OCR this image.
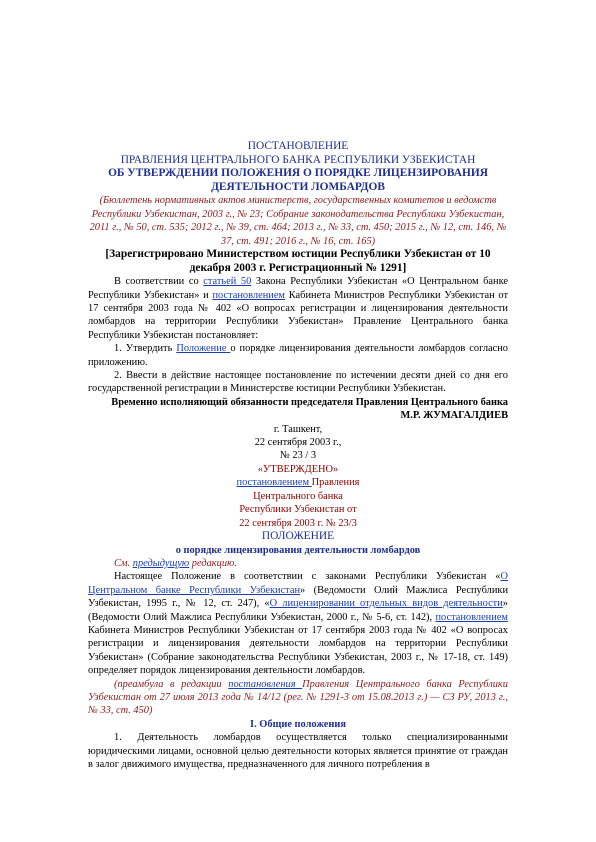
ПОСТАНОВЛЕНИЕ

ПРАВЛЕНИЯ ЦЕНТРАЛЬНОГО БАНКА РЕСПУБЛИКИ УЗБЕКИСТАН

ОБ УТВЕРЖДЕНИИ ПОЛОЖЕНИЯ О ПОРЯДКЕ ЛИЦЕНЗИРОВАНИЯ ДЕЯТЕЛЬНОСТИ ЛОМБАРДОВ

(Бюллетень нормативных актов министерств, государственных комитетов и ведомств Республики Узбекистан, 2003 г., № 23; Собрание законодательства Республики Узбекистан, 2011 г., № 50, ст. 535; 2012 г., № 39, ст. 464; 2013 г., № 33, ст. 450; 2015 г., № 12, ст. 146, № 37, ст. 491; 2016 г., № 16, ст. 165)

[Зарегистрировано Министерством юстиции Республики Узбекистан от 10 декабря 2003 г. Регистрационный № 1291]

В соответствии со статьей 50 Закона Республики Узбекистан «О Центральном банке Республики Узбекистан» и постановлением Кабинета Министров Республики Узбекистан от 17 сентября 2003 года № 402 «О вопросах регистрации и лицензирования деятельности ломбардов на территории Республики Узбекистан» Правление Центрального банка Республики Узбекистан постановляет:

1. Утвердить Положение о порядке лицензирования деятельности ломбардов согласно приложению.

2. Ввести в действие настоящее постановление по истечении десяти дней со дня его государственной регистрации в Министерстве юстиции Республики Узбекистан.

Временно исполняющий обязанности председателя Правления Центрального банка

М.Р. ЖУМАГАЛДИЕВ

г. Ташкент,

22 сентября 2003 г.,

№ 23 / 3

«УТВЕРЖДЕНО»

постановлением Правления

Центрального банка

Республики Узбекистан от

22 сентября 2003 г. № 23/3

ПОЛОЖЕНИЕ

о порядке лицензирования деятельности ломбардов

См. предыдущую редакцию.

Настоящее Положение в соответствии с законами Республики Узбекистан «О Центральном банке Республики Узбекистан» (Ведомости Олий Мажлиса Республики Узбекистан, 1995 г., № 12, ст. 247), «О лицензировании отдельных видов деятельности» (Ведомости Олий Мажлиса Республики Узбекистан, 2000 г., № 5-6, ст. 142), постановлением Кабинета Министров Республики Узбекистан от 17 сентября 2003 года № 402 «О вопросах регистрации и лицензирования деятельности ломбардов на территории Республики Узбекистан» (Собрание законодательства Республики Узбекистан, 2003 г., № 17-18, ст. 149) определяет порядок лицензирования деятельности ломбардов.

(преамбула в редакции постановления Правления Центрального банка Республики Узбекистан от 27 июля 2013 года № 14/12 (рег. № 1291-3 от 15.08.2013 г.) — СЗ РУ, 2013 г., № 33, ст. 450)

I. Общие положения

1. Деятельность ломбардов осуществляется только специализированными юридическими лицами, основной целью деятельности которых является принятие от граждан в залог движимого имущества, предназначенного для личного потребления в
